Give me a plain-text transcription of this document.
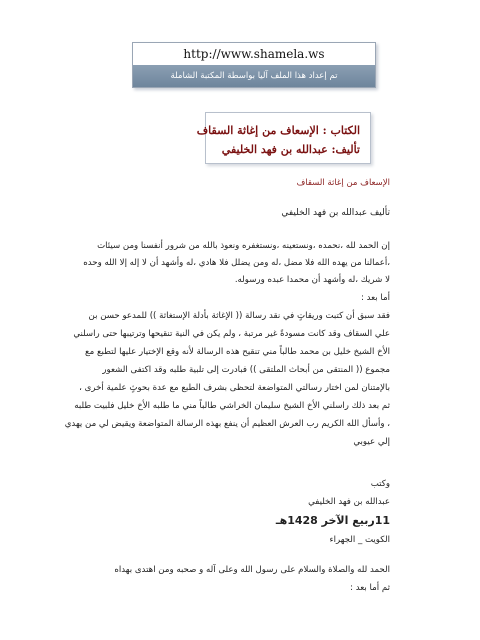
http://www.shamela.ws
تم إعداد هذا الملف آليا بواسطة المكتبة الشاملة
الكتاب : الإسعاف من إغاثة السقاف
تأليف: عبدالله بن فهد الخليفي
الإسعاف من إغاثة السقاف
تأليف عبدالله بن فهد الخليفي
إن الحمد لله ،نحمده ،ونستعينه ،ونستغفره ونعوذ بالله من شرور أنفسنا ومن سيئات
،أعمالنا من يهده الله فلا مضل ،له ومن يضلل فلا هادي ،له وأشهد أن لا إله إلا الله وحده
لا شريك ،له وأشهد أن محمدا عبده ورسوله.
أما بعد :
فقد سبق أن كتبت وريقاتٍ في نقد رسالة (( الإغاثة بأدلة الإستغاثة )) للمدعو حسن بن
علي السقاف وقد كانت مسودةً غير مرتبة ، ولم يكن في النية تنقيحها وترتيبها حتى راسلني
الأخ الشيخ خليل بن محمد طالباً مني تنقيح هذه الرسالة لأنه وقع الإختيار عليها لتطبع مع
مجموع (( المنتقى من أبحاث الملتقى )) فبادرت إلى تلبية طلبه وقد اكتفى الشعور
بالإمتنان لمن اختار رسالتي المتواضعة لتحظى بشرف الطبع مع عدة بحوثٍ علمية أخرى ،
ثم بعد ذلك راسلني الأخ الشيخ سليمان الخراشي طالباً مني ما طلبه الأخ خليل فلبيت طلبه
، وأسأل الله الكريم رب العرش العظيم أن ينفع بهذه الرسالة المتواضعة ويقيض لي من يهدي
إلي عيوبي
وكتب
عبدالله بن فهد الخليفي
11ربيع الآخر 1428هـ
الكويت _ الجهراء
الحمد لله والصلاة والسلام على رسول الله وعلى آله و صحبه ومن اهتدى بهداه
ثم أما بعد :
